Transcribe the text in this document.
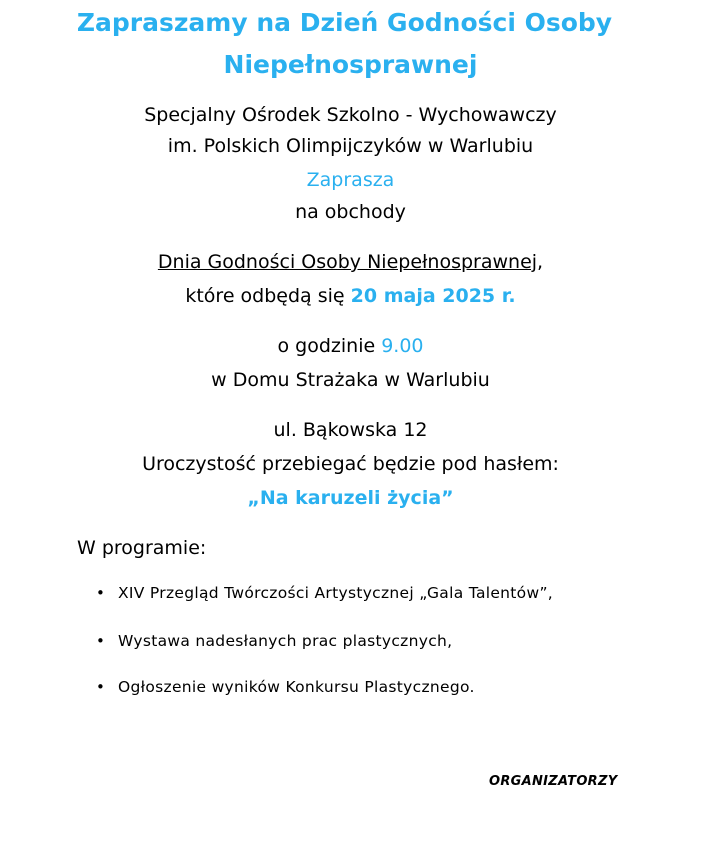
Zapraszamy na Dzień Godności Osoby
Niepełnosprawnej
Specjalny Ośrodek Szkolno - Wychowawczy
im. Polskich Olimpijczyków w Warlubiu
Zaprasza
na obchody
Dnia Godności Osoby Niepełnosprawnej,
które odbędą się 20 maja 2025 r.
o godzinie 9.00
w Domu Strażaka w Warlubiu
ul. Bąkowska 12
Uroczystość przebiegać będzie pod hasłem:
„Na karuzeli życia”
W programie:
• XIV Przegląd Twórczości Artystycznej „Gala Talentów”,
• Wystawa nadesłanych prac plastycznych,
• Ogłoszenie wyników Konkursu Plastycznego.
ORGANIZATORZY
